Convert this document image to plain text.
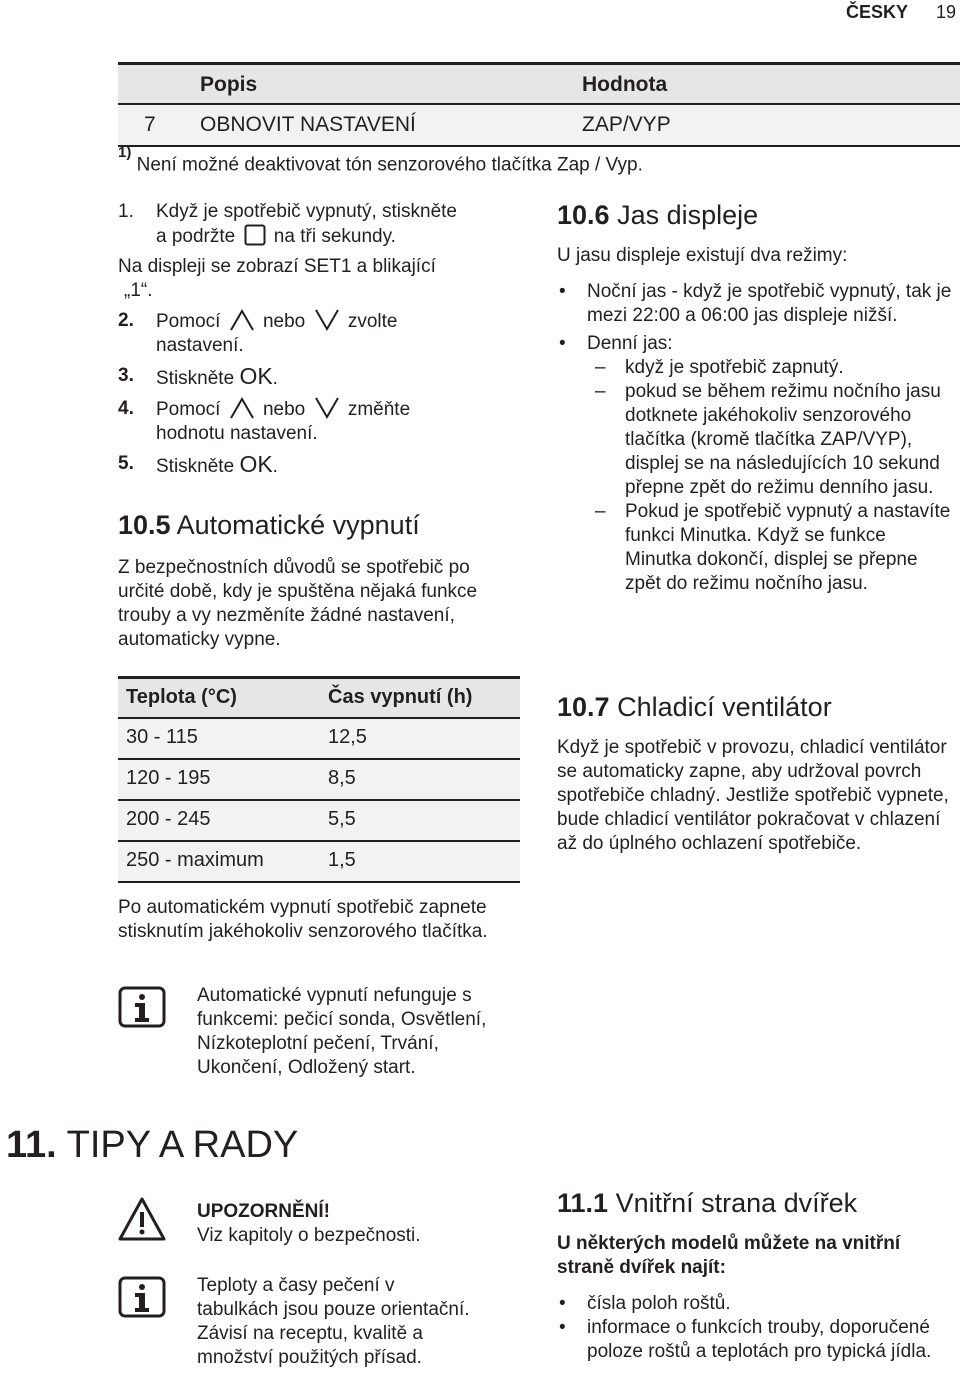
ČESKY 19
Popis	Hodnota
7 OBNOVIT NASTAVENÍ	ZAP/VYP
$^{1)}$ Není možné deaktivovat tón senzorového tlačítka Zap / Vyp.
1. Když je spotřebič vypnutý, stiskněte
a podržte na tři sekundy.
Na displeji se zobrazí SET1 a blikající
„1“.
2. Pomocí nebo zvolte
nastavení.
3. Stiskněte OK.
4. Pomocí nebo změňte
hodnotu nastavení.
5. Stiskněte OK.
10.5 Automatické vypnutí
Z bezpečnostních důvodů se spotřebič po určité době, kdy je spuštěna nějaká funkce trouby a vy nezměníte žádné nastavení, automaticky vypne.
Teplota (°C)	Čas vypnutí (h)
30 - 115	12,5
120 - 195	8,5
200 - 245	5,5
250 - maximum	1,5
Po automatickém vypnutí spotřebič zapnete stisknutím jakéhokoliv senzorového tlačítka.
Automatické vypnutí nefunguje s funkcemi: pečicí sonda, Osvětlení, Nízkoteplotní pečení, Trvání, Ukončení, Odložený start.
11. TIPY A RADY
UPOZORNĚNÍ!
Viz kapitoly o bezpečnosti.
Teploty a časy pečení v tabulkách jsou pouze orientační. Závisí na receptu, kvalitě a množství použitých přísad.
10.6 Jas displeje
U jasu displeje existují dva režimy:
• Noční jas - když je spotřebič vypnutý, tak je mezi 22:00 a 06:00 jas displeje nižší.
• Denní jas:
– když je spotřebič zapnutý.
– pokud se během režimu nočního jasu dotknete jakéhokoliv senzorového tlačítka (kromě tlačítka ZAP/VYP), displej se na následujících 10 sekund přepne zpět do režimu denního jasu.
– Pokud je spotřebič vypnutý a nastavíte funkci Minutka. Když se funkce Minutka dokončí, displej se přepne zpět do režimu nočního jasu.
10.7 Chladicí ventilátor
Když je spotřebič v provozu, chladicí ventilátor se automaticky zapne, aby udržoval povrch spotřebiče chladný. Jestliže spotřebič vypnete, bude chladicí ventilátor pokračovat v chlazení až do úplného ochlazení spotřebiče.
11.1 Vnitřní strana dvířek
U některých modelů můžete na vnitřní straně dvířek najít:
• čísla poloh roštů.
• informace o funkcích trouby, doporučené poloze roštů a teplotách pro typická jídla.
